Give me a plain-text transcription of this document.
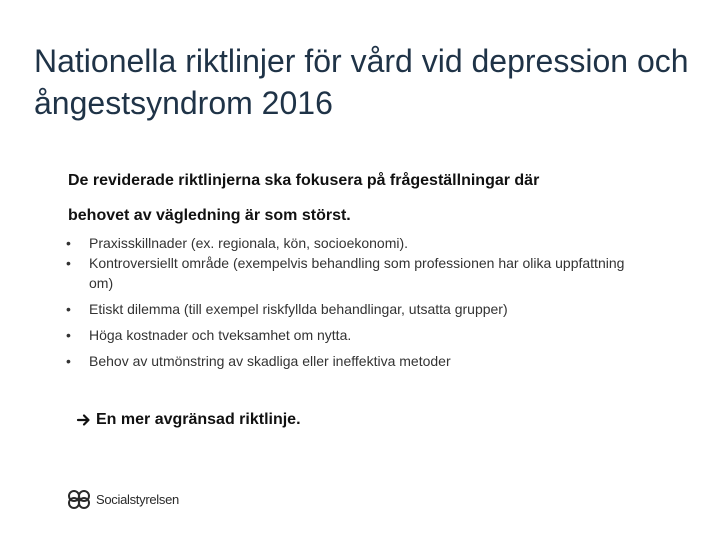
Nationella riktlinjer för vård vid depression och ångestsyndrom 2016
De reviderade riktlinjerna ska fokusera på frågeställningar där
behovet av vägledning är som störst.
• Praxisskillnader (ex. regionala, kön, socioekonomi).
• Kontroversiellt område (exempelvis behandling som professionen har olika uppfattning om)
• Etiskt dilemma (till exempel riskfyllda behandlingar, utsatta grupper)
• Höga kostnader och tveksamhet om nytta.
• Behov av utmönstring av skadliga eller ineffektiva metoder
En mer avgränsad riktlinje.
Socialstyrelsen
